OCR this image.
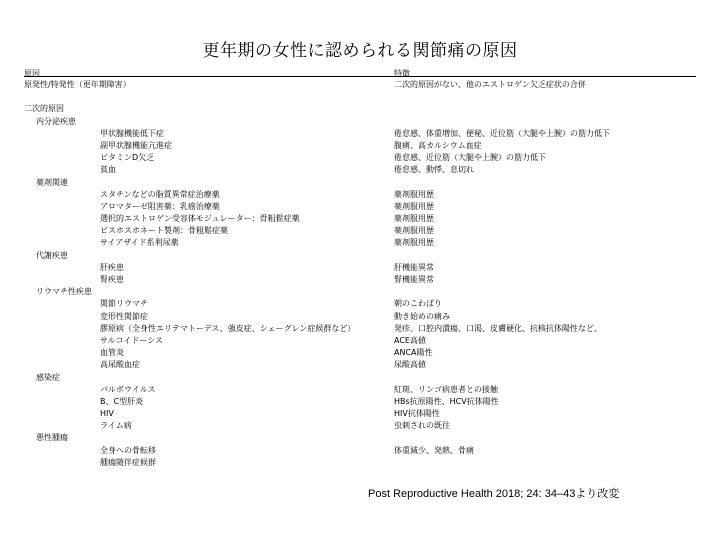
更年期の女性に認められる関節痛の原因
原因	特徴
原発性/特発性（更年期障害）	二次的原因がない、他のエストロゲン欠乏症状の合併
二次的原因
内分泌疾患
甲状腺機能低下症	倦怠感、体重増加、便秘、近位筋（大腿や上腕）の筋力低下
副甲状腺機能亢進症	腹痛、高カルシウム血症
ビタミンD欠乏	倦怠感、近位筋（大腿や上腕）の筋力低下
貧血	倦怠感、動悸、息切れ
薬剤関連
スタチンなどの脂質異常症治療薬	薬剤服用歴
アロマターゼ阻害薬：乳癌治療薬	薬剤服用歴
選択的エストロゲン受容体モジュレーター：骨粗鬆症薬	薬剤服用歴
ビスホスホネート製剤：骨粗鬆症薬	薬剤服用歴
サイアザイド系利尿薬	薬剤服用歴
代謝疾患
肝疾患	肝機能異常
腎疾患	腎機能異常
リウマチ性疾患
関節リウマチ	朝のこわばり
変形性関節症	動き始めの痛み
膠原病（全身性エリテマトーデス、強皮症、シェーグレン症候群など）	発疹、口腔内潰瘍、口渇、皮膚硬化、抗核抗体陽性など、
サルコイドーシス	ACE高値
血管炎	ANCA陽性
高尿酸血症	尿酸高値
感染症
パルボウイルス	紅斑、リンゴ病患者との接触
B、C型肝炎	HBs抗原陽性、HCV抗体陽性
HIV	HIV抗体陽性
ライム病	虫刺されの既往
悪性腫瘍
全身への骨転移	体重減少、発熱、骨痛
腫瘍随伴症候群
Post Reproductive Health 2018; 24: 34–43より改変
